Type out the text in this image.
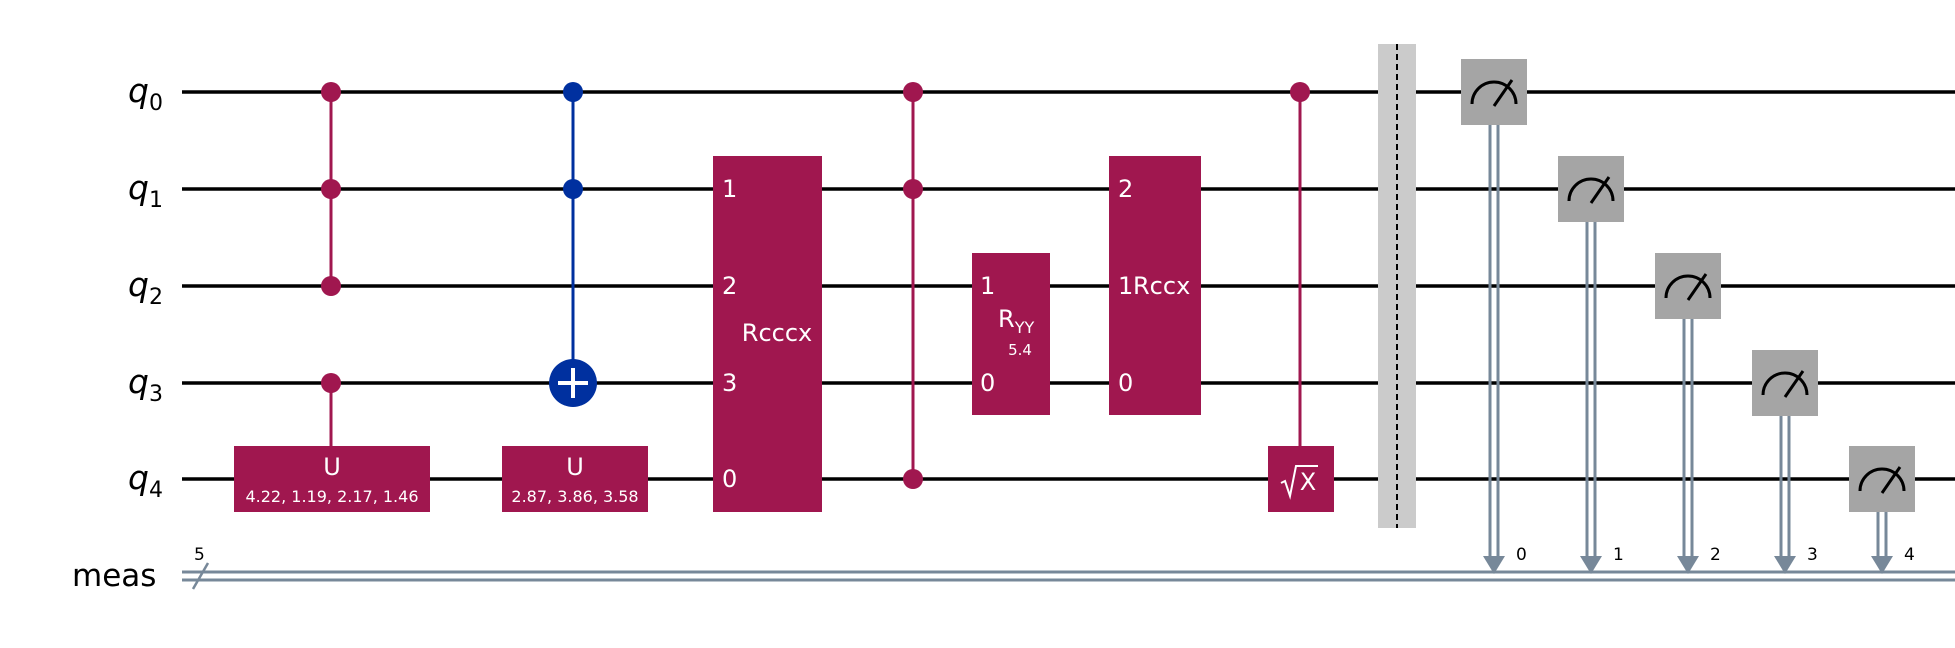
5
$q_0$
$q_1$
$q_2$
$q_3$
$q_4$
meas
U
4.22, 1.19, 2.17, 1.46
U
2.87, 3.86, 3.58
1
2
3
0
Rcccx
1
0
$R_{YY}$
5.4
2
1
0
Rccx
X
0	1	2	3	4
